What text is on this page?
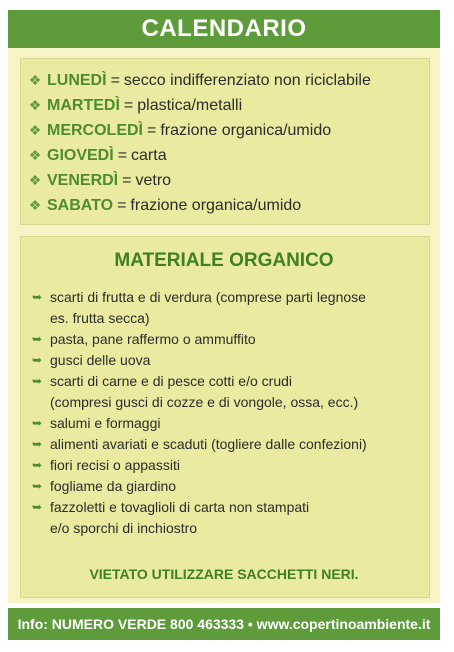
CALENDARIO
❖ LUNEDÌ = secco indifferenziato non riciclabile
❖ MARTEDÌ = plastica/metalli
❖ MERCOLEDÌ = frazione organica/umido
❖ GIOVEDÌ = carta
❖ VENERDÌ = vetro
❖ SABATO = frazione organica/umido
MATERIALE ORGANICO
➥ scarti di frutta e di verdura (comprese parti legnose
es. frutta secca)
➥ pasta, pane raffermo o ammuffito
➥ gusci delle uova
➥ scarti di carne e di pesce cotti e/o crudi
(compresi gusci di cozze e di vongole, ossa, ecc.)
➥ salumi e formaggi
➥ alimenti avariati e scaduti (togliere dalle confezioni)
➥ fiori recisi o appassiti
➥ fogliame da giardino
➥ fazzoletti e tovaglioli di carta non stampati
e/o sporchi di inchiostro
VIETATO UTILIZZARE SACCHETTI NERI.
Info: NUMERO VERDE 800 463333 • www.copertinoambiente.it
